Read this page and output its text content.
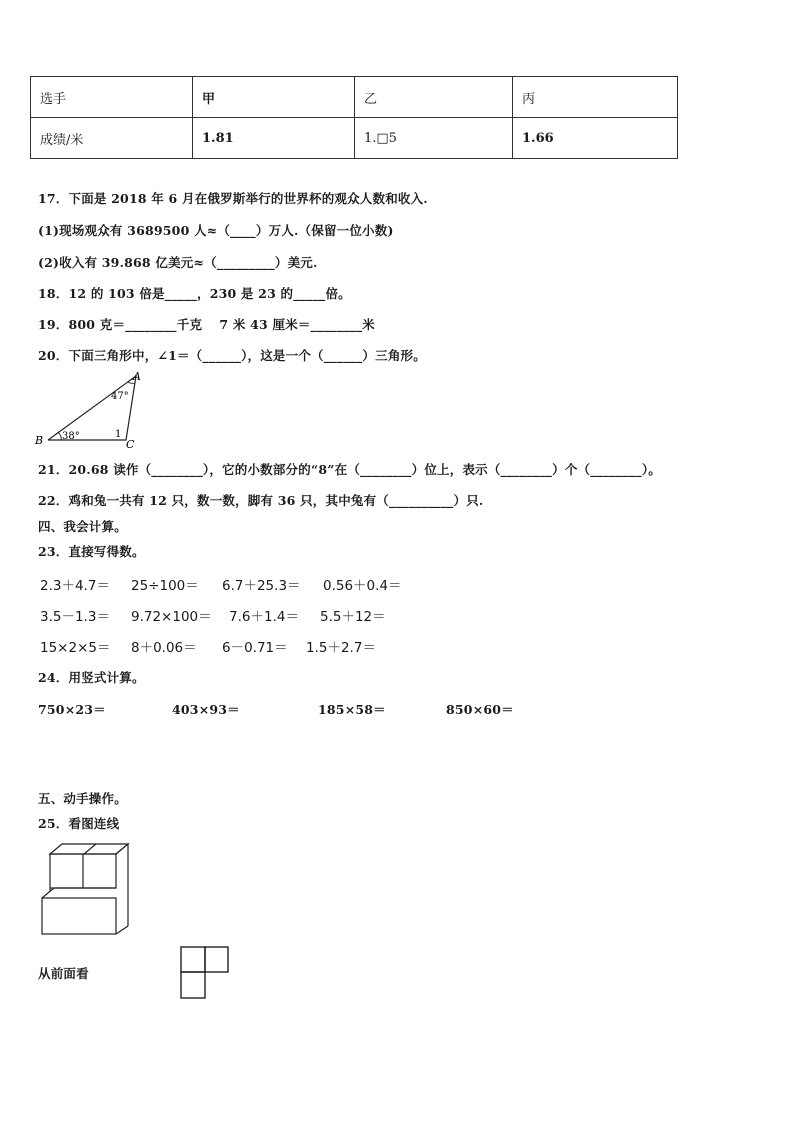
选手	甲	乙	丙
成绩/米	1.81	1.□5	1.66
17．下面是 2018 年 6 月在俄罗斯举行的世界杯的观众人数和收入.
(1)现场观众有 3689500 人≈（____）万人.（保留一位小数)
(2)收入有 39.868 亿美元≈（_________）美元.
18．12 的 103 倍是_____，230 是 23 的_____倍。
19．800 克＝________千克　 7 米 43 厘米＝________米
20．下面三角形中，∠1＝（______），这是一个（______）三角形。
A
B	C
47°
38°	1
21．20.68 读作（________），它的小数部分的“8”在（________）位上，表示（________）个（________）。
22．鸡和兔一共有 12 只，数一数，脚有 36 只，其中兔有（__________）只.
四、我会计算。
23．直接写得数。
2.3＋4.7＝ 25÷100＝ 6.7＋25.3＝ 0.56＋0.4＝
3.5－1.3＝ 9.72×100＝ 7.6＋1.4＝ 5.5＋12＝
15×2×5＝ 8＋0.06＝ 6－0.71＝ 1.5＋2.7＝
24．用竖式计算。
750×23＝	403×93＝	185×58＝	850×60＝
五、动手操作。
25．看图连线
从前面看
